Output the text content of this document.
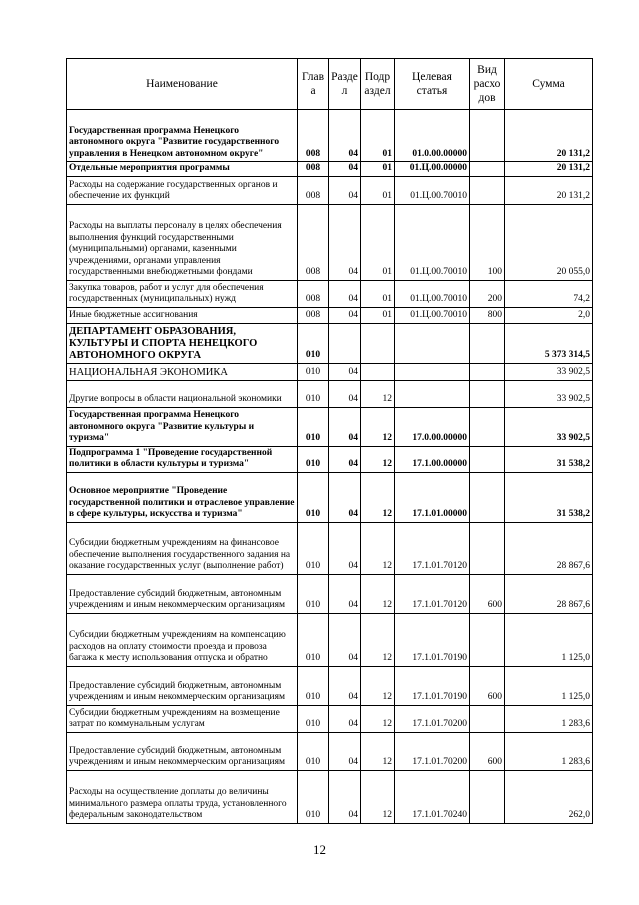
Наименование	Глав а	Разде л	Подр аздел	Целевая статья	Вид расхо дов	Сумма
Государственная программа Ненецкого автономного округа "Развитие государственного управления в Ненецком автономном округе"	008	04	01	01.0.00.00000		20 131,2
Отдельные мероприятия программы	008	04	01	01.Ц.00.00000		20 131,2
Расходы на содержание государственных органов и обеспечение их функций	008	04	01	01.Ц.00.70010		20 131,2
Расходы на выплаты персоналу в целях обеспечения выполнения функций государственными (муниципальными) органами, казенными учреждениями, органами управления государственными внебюджетными фондами	008	04	01	01.Ц.00.70010	100	20 055,0
Закупка товаров, работ и услуг для обеспечения государственных (муниципальных) нужд	008	04	01	01.Ц.00.70010	200	74,2
Иные бюджетные ассигнования	008	04	01	01.Ц.00.70010	800	2,0
ДЕПАРТАМЕНТ ОБРАЗОВАНИЯ, КУЛЬТУРЫ И СПОРТА НЕНЕЦКОГО АВТОНОМНОГО ОКРУГА	010					5 373 314,5
НАЦИОНАЛЬНАЯ ЭКОНОМИКА	010	04				33 902,5
Другие вопросы в области национальной экономики	010	04	12			33 902,5
Государственная программа Ненецкого автономного округа "Развитие культуры и туризма"	010	04	12	17.0.00.00000		33 902,5
Подпрограмма 1 "Проведение государственной политики в области культуры и туризма"	010	04	12	17.1.00.00000		31 538,2
Основное мероприятие "Проведение государственной политики и отраслевое управление в сфере культуры, искусства и туризма"	010	04	12	17.1.01.00000		31 538,2
Субсидии бюджетным учреждениям на финансовое обеспечение выполнения государственного задания на оказание государственных услуг (выполнение работ)	010	04	12	17.1.01.70120		28 867,6
Предоставление субсидий бюджетным, автономным учреждениям и иным некоммерческим организациям	010	04	12	17.1.01.70120	600	28 867,6
Субсидии бюджетным учреждениям на компенсацию расходов на оплату стоимости проезда и провоза багажа к месту использования отпуска и обратно	010	04	12	17.1.01.70190		1 125,0
Предоставление субсидий бюджетным, автономным учреждениям и иным некоммерческим организациям	010	04	12	17.1.01.70190	600	1 125,0
Субсидии бюджетным учреждениям на возмещение затрат по коммунальным услугам	010	04	12	17.1.01.70200		1 283,6
Предоставление субсидий бюджетным, автономным учреждениям и иным некоммерческим организациям	010	04	12	17.1.01.70200	600	1 283,6
Расходы на осуществление доплаты до величины минимального размера оплаты труда, установленного федеральным законодательством	010	04	12	17.1.01.70240		262,0
12
